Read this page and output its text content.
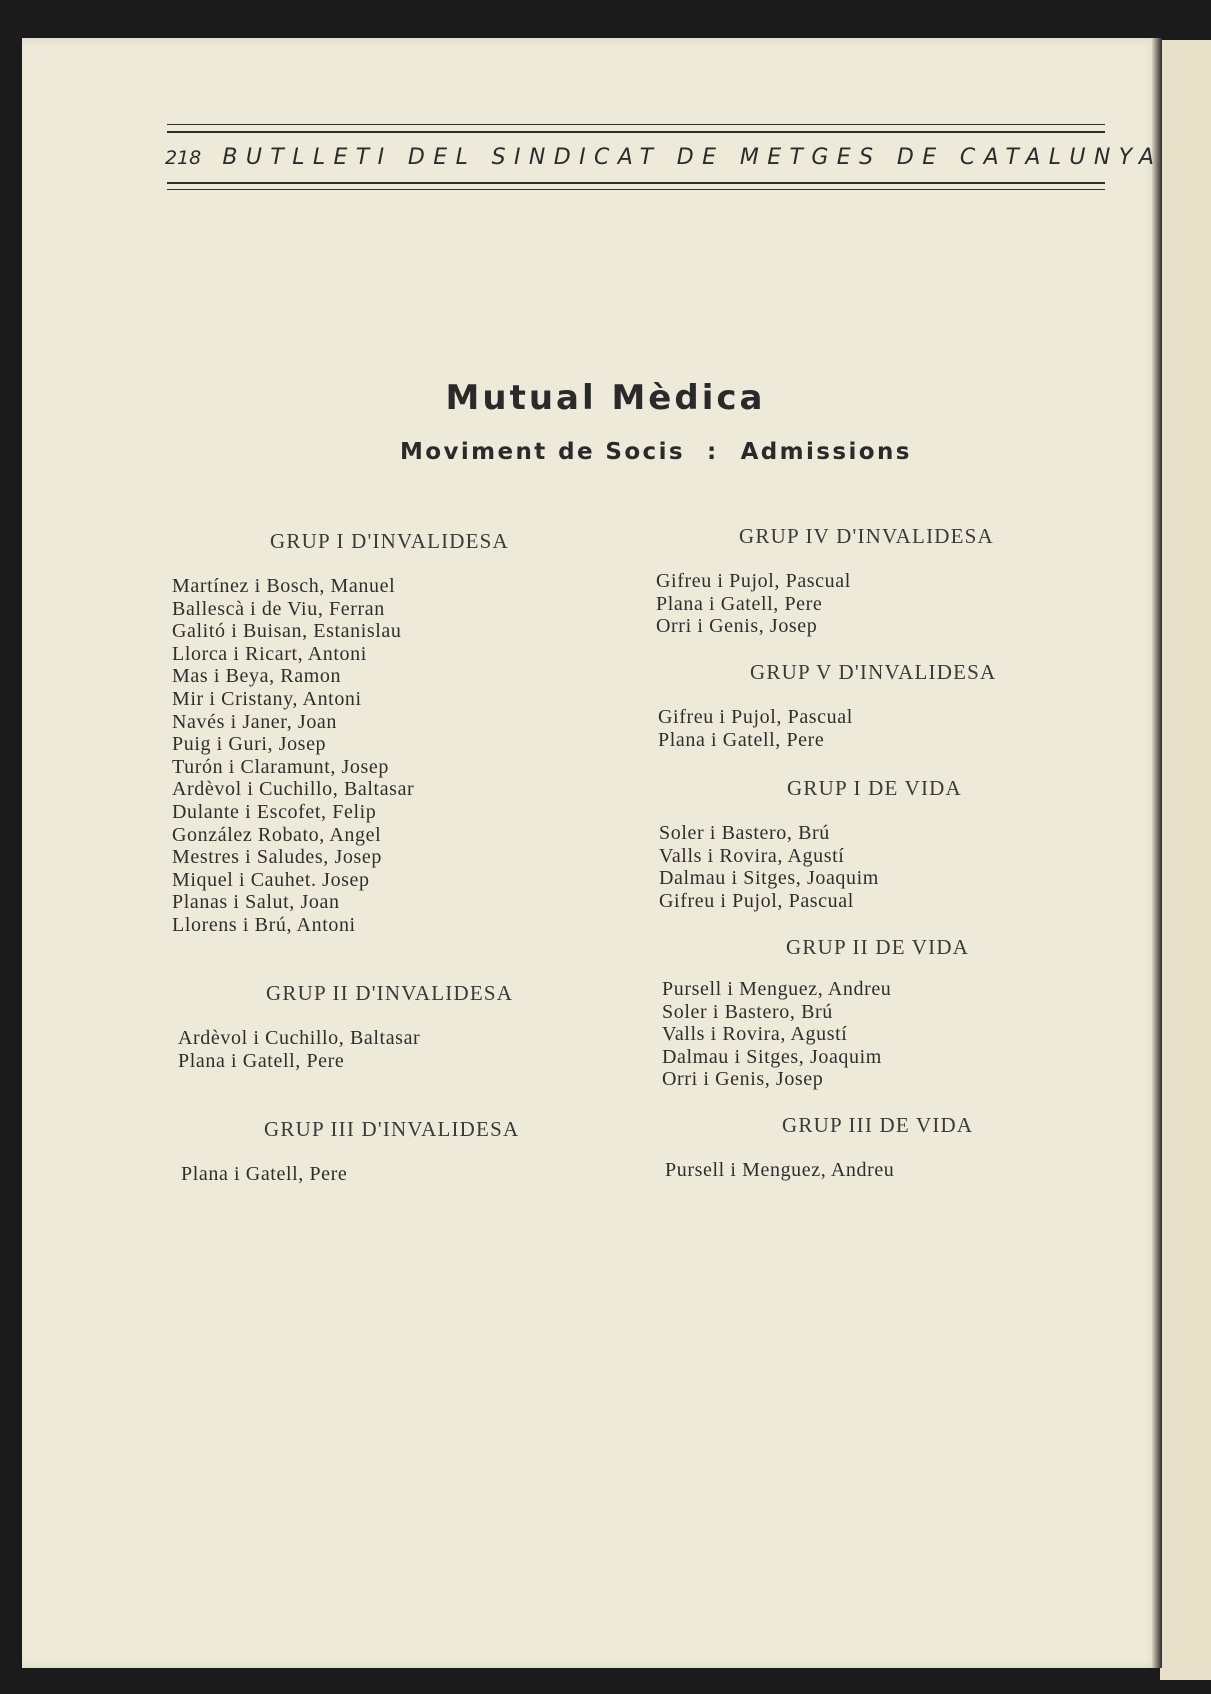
218 BUTLLETI DEL SINDICAT DE METGES DE CATALUNYA
Mutual Mèdica
Moviment de Socis : Admissions
GRUP I D'INVALIDESA
Martínez i Bosch, Manuel
Ballescà i de Viu, Ferran
Galitó i Buisan, Estanislau
Llorca i Ricart, Antoni
Mas i Beya, Ramon
Mir i Cristany, Antoni
Navés i Janer, Joan
Puig i Guri, Josep
Turón i Claramunt, Josep
Ardèvol i Cuchillo, Baltasar
Dulante i Escofet, Felip
González Robato, Angel
Mestres i Saludes, Josep
Miquel i Cauhet. Josep
Planas i Salut, Joan
Llorens i Brú, Antoni
GRUP II D'INVALIDESA
Ardèvol i Cuchillo, Baltasar
Plana i Gatell, Pere
GRUP III D'INVALIDESA
Plana i Gatell, Pere
GRUP IV D'INVALIDESA
Gifreu i Pujol, Pascual
Plana i Gatell, Pere
Orri i Genis, Josep
GRUP V D'INVALIDESA
Gifreu i Pujol, Pascual
Plana i Gatell, Pere
GRUP I DE VIDA
Soler i Bastero, Brú
Valls i Rovira, Agustí
Dalmau i Sitges, Joaquim
Gifreu i Pujol, Pascual
GRUP II DE VIDA
Pursell i Menguez, Andreu
Soler i Bastero, Brú
Valls i Rovira, Agustí
Dalmau i Sitges, Joaquim
Orri i Genis, Josep
GRUP III DE VIDA
Pursell i Menguez, Andreu
